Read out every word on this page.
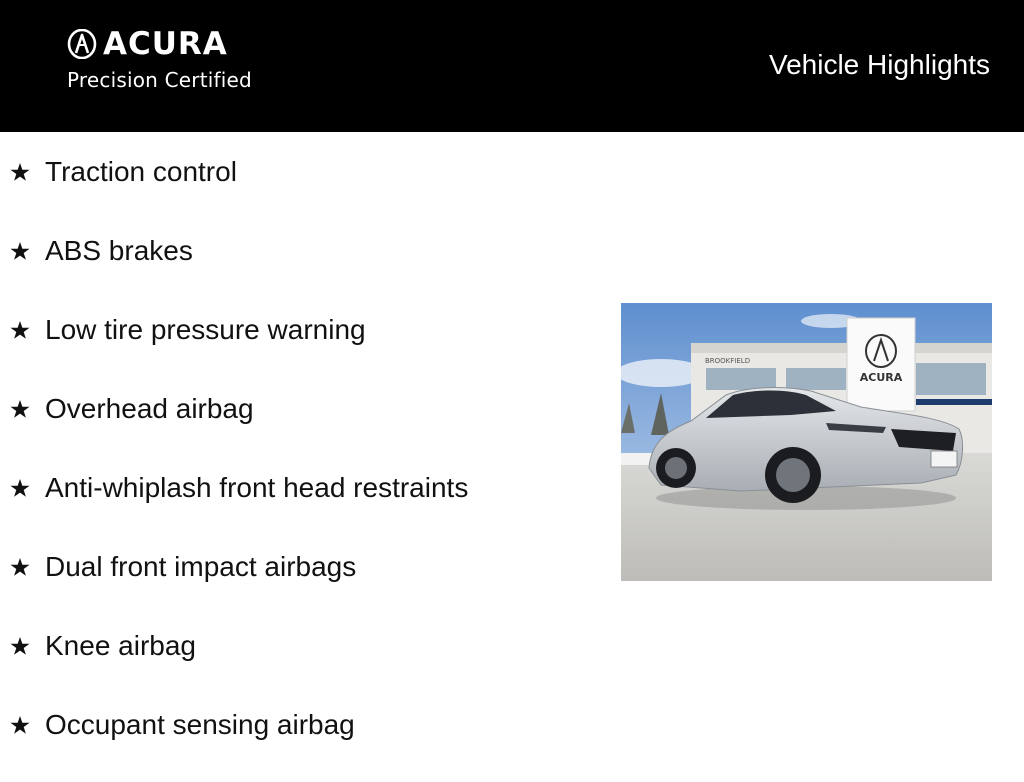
ACURA
Precision Certified	Vehicle Highlights
Traction control
ABS brakes
Low tire pressure warning
Overhead airbag
Anti-whiplash front head restraints
Dual front impact airbags
Knee airbag
Occupant sensing airbag
BROOKFIELD
ACURA
